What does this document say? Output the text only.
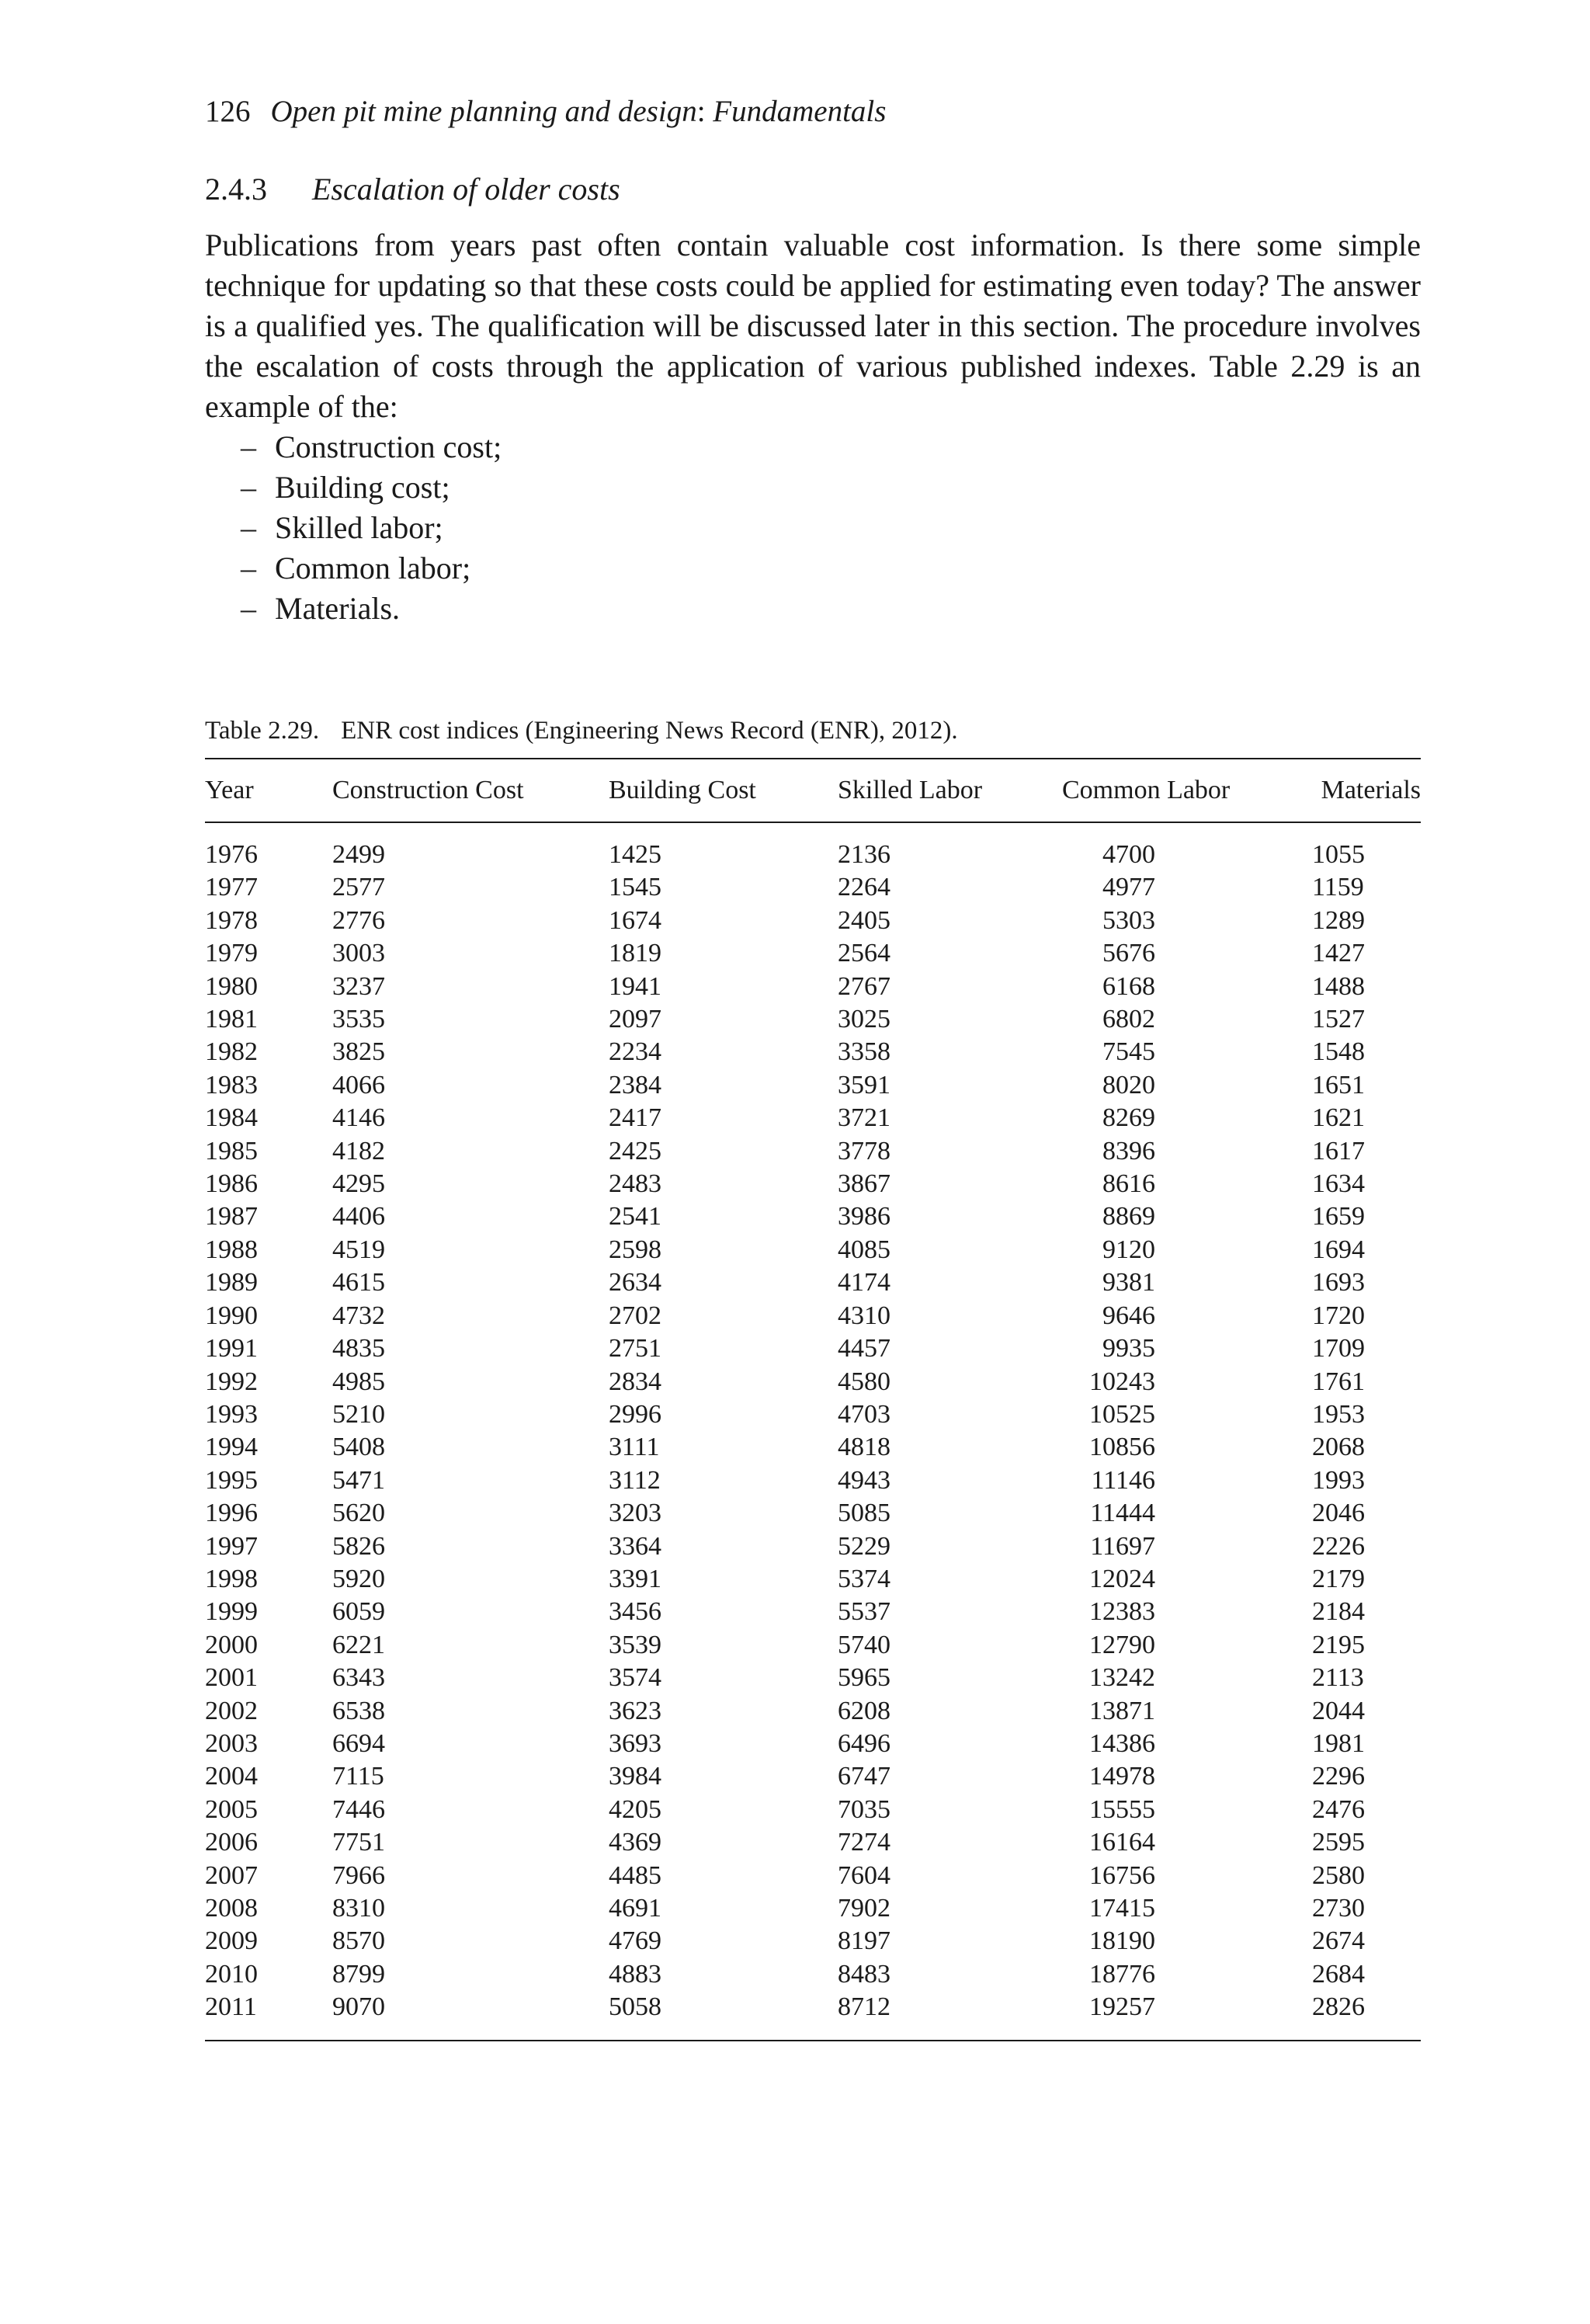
126 Open pit mine planning and design: Fundamentals
2.4.3 Escalation of older costs

Publications from years past often contain valuable cost information. Is there some simple technique for updating so that these costs could be applied for estimating even today? The answer is a qualified yes. The qualification will be discussed later in this section. The procedure involves the escalation of costs through the application of various published indexes. Table 2.29 is an example of the:

– Construction cost;
– Building cost;
– Skilled labor;
– Common labor;
– Materials.
Table 2.29. ENR cost indices (Engineering News Record (ENR), 2012).
Year	Construction Cost	Building Cost	Skilled Labor	Common Labor	Materials
1976	2499	1425	2136	4700	1055
1977	2577	1545	2264	4977	1159
1978	2776	1674	2405	5303	1289
1979	3003	1819	2564	5676	1427
1980	3237	1941	2767	6168	1488
1981	3535	2097	3025	6802	1527
1982	3825	2234	3358	7545	1548
1983	4066	2384	3591	8020	1651
1984	4146	2417	3721	8269	1621
1985	4182	2425	3778	8396	1617
1986	4295	2483	3867	8616	1634
1987	4406	2541	3986	8869	1659
1988	4519	2598	4085	9120	1694
1989	4615	2634	4174	9381	1693
1990	4732	2702	4310	9646	1720
1991	4835	2751	4457	9935	1709
1992	4985	2834	4580	10243	1761
1993	5210	2996	4703	10525	1953
1994	5408	3111	4818	10856	2068
1995	5471	3112	4943	11146	1993
1996	5620	3203	5085	11444	2046
1997	5826	3364	5229	11697	2226
1998	5920	3391	5374	12024	2179
1999	6059	3456	5537	12383	2184
2000	6221	3539	5740	12790	2195
2001	6343	3574	5965	13242	2113
2002	6538	3623	6208	13871	2044
2003	6694	3693	6496	14386	1981
2004	7115	3984	6747	14978	2296
2005	7446	4205	7035	15555	2476
2006	7751	4369	7274	16164	2595
2007	7966	4485	7604	16756	2580
2008	8310	4691	7902	17415	2730
2009	8570	4769	8197	18190	2674
2010	8799	4883	8483	18776	2684
2011	9070	5058	8712	19257	2826
